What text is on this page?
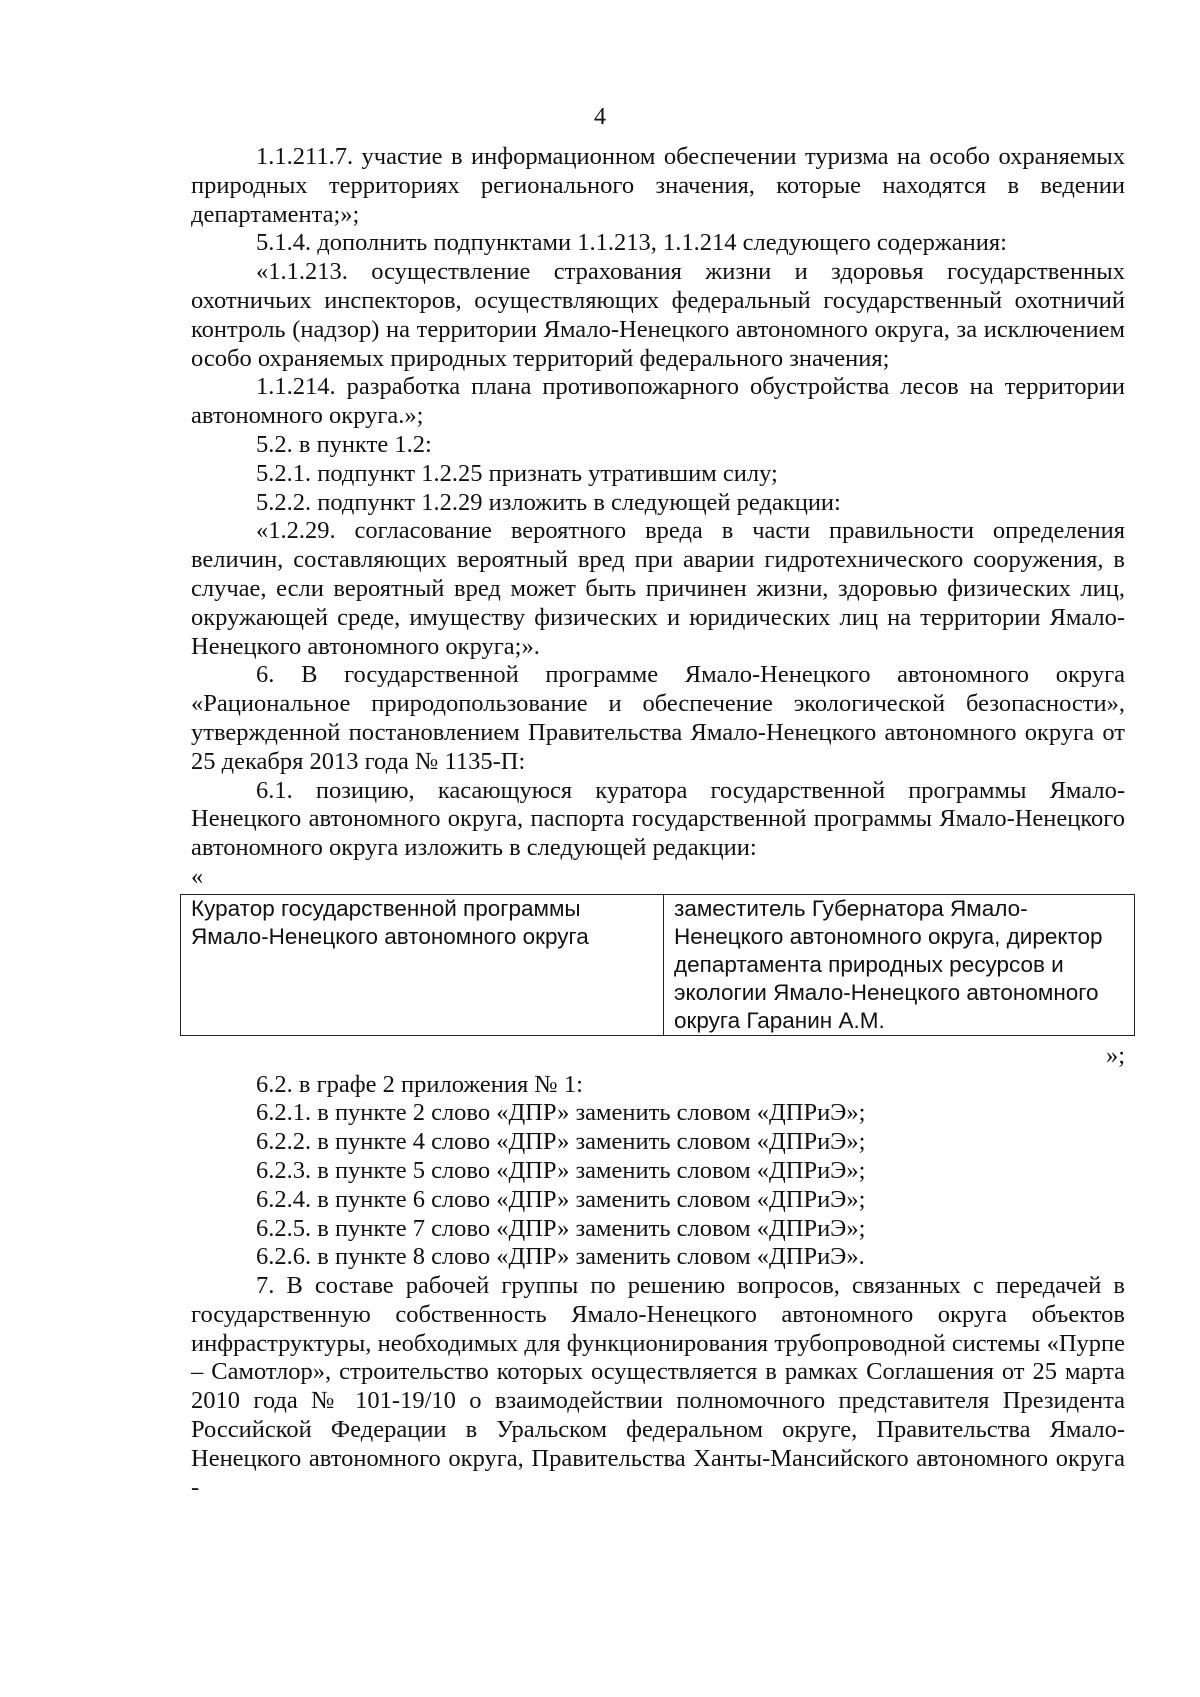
4

1.1.211.7. участие в информационном обеспечении туризма на особо охраняемых природных территориях регионального значения, которые находятся в ведении департамента;»;

5.1.4. дополнить подпунктами 1.1.213, 1.1.214 следующего содержания:

«1.1.213. осуществление страхования жизни и здоровья государственных охотничьих инспекторов, осуществляющих федеральный государственный охотничий контроль (надзор) на территории Ямало-Ненецкого автономного округа, за исключением особо охраняемых природных территорий федерального значения;

1.1.214. разработка плана противопожарного обустройства лесов на территории автономного округа.»;

5.2. в пункте 1.2:

5.2.1. подпункт 1.2.25 признать утратившим силу;

5.2.2. подпункт 1.2.29 изложить в следующей редакции:

«1.2.29. согласование вероятного вреда в части правильности определения величин, составляющих вероятный вред при аварии гидротехнического сооружения, в случае, если вероятный вред может быть причинен жизни, здоровью физических лиц, окружающей среде, имуществу физических и юридических лиц на территории Ямало-Ненецкого автономного округа;».

6. В государственной программе Ямало-Ненецкого автономного округа «Рациональное природопользование и обеспечение экологической безопасности», утвержденной постановлением Правительства Ямало-Ненецкого автономного округа от 25 декабря 2013 года № 1135-П:

6.1. позицию, касающуюся куратора государственной программы Ямало-Ненецкого автономного округа, паспорта государственной программы Ямало-Ненецкого автономного округа изложить в следующей редакции:

«

Куратор государственной программы Ямало-Ненецкого автономного округа	заместитель Губернатора Ямало-Ненецкого автономного округа, директор департамента природных ресурсов и экологии Ямало-Ненецкого автономного округа Гаранин А.М.
»;

6.2. в графе 2 приложения № 1:

6.2.1. в пункте 2 слово «ДПР» заменить словом «ДПРиЭ»;

6.2.2. в пункте 4 слово «ДПР» заменить словом «ДПРиЭ»;

6.2.3. в пункте 5 слово «ДПР» заменить словом «ДПРиЭ»;

6.2.4. в пункте 6 слово «ДПР» заменить словом «ДПРиЭ»;

6.2.5. в пункте 7 слово «ДПР» заменить словом «ДПРиЭ»;

6.2.6. в пункте 8 слово «ДПР» заменить словом «ДПРиЭ».

7. В составе рабочей группы по решению вопросов, связанных с передачей в государственную собственность Ямало-Ненецкого автономного округа объектов инфраструктуры, необходимых для функционирования трубопроводной системы «Пурпе – Самотлор», строительство которых осуществляется в рамках Соглашения от 25 марта 2010 года № 101-19/10 о взаимодействии полномочного представителя Президента Российской Федерации в Уральском федеральном округе, Правительства Ямало-Ненецкого автономного округа, Правительства Ханты-Мансийского автономного округа -
